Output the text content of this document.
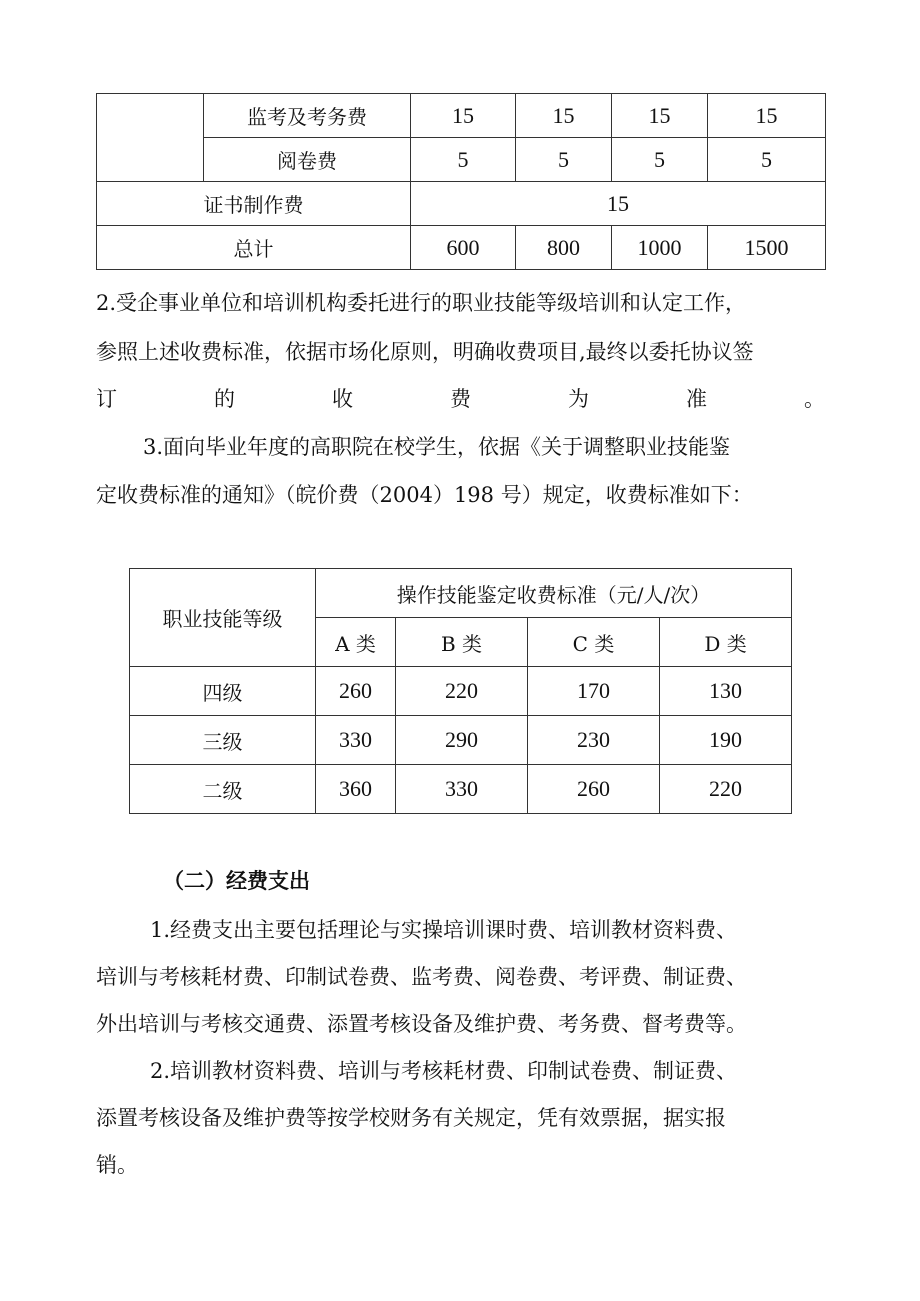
	监考及考务费	15	15	15	15
	阅卷费	5	5	5	5
证书制作费		15			
总计		600	800	1000	1500

2.受企事业单位和培训机构委托进行的职业技能等级培训和认定工作，

参照上述收费标准，依据市场化原则，明确收费项目,最终以委托协议签

订	的	收	费	为	准	。

3.面向毕业年度的高职院在校学生，依据《关于调整职业技能鉴

定收费标准的通知》（皖价费（2004）198 号）规定，收费标准如下：

职业技能等级	操作技能鉴定收费标准（元/人/次）			
	A 类	B 类	C 类	D 类
四级	260	220	170	130
三级	330	290	230	190
二级	360	330	260	220

（二）经费支出

1.经费支出主要包括理论与实操培训课时费、培训教材资料费、

培训与考核耗材费、印制试卷费、监考费、阅卷费、考评费、制证费、

外出培训与考核交通费、添置考核设备及维护费、考务费、督考费等。

2.培训教材资料费、培训与考核耗材费、印制试卷费、制证费、

添置考核设备及维护费等按学校财务有关规定，凭有效票据，据实报

销。
